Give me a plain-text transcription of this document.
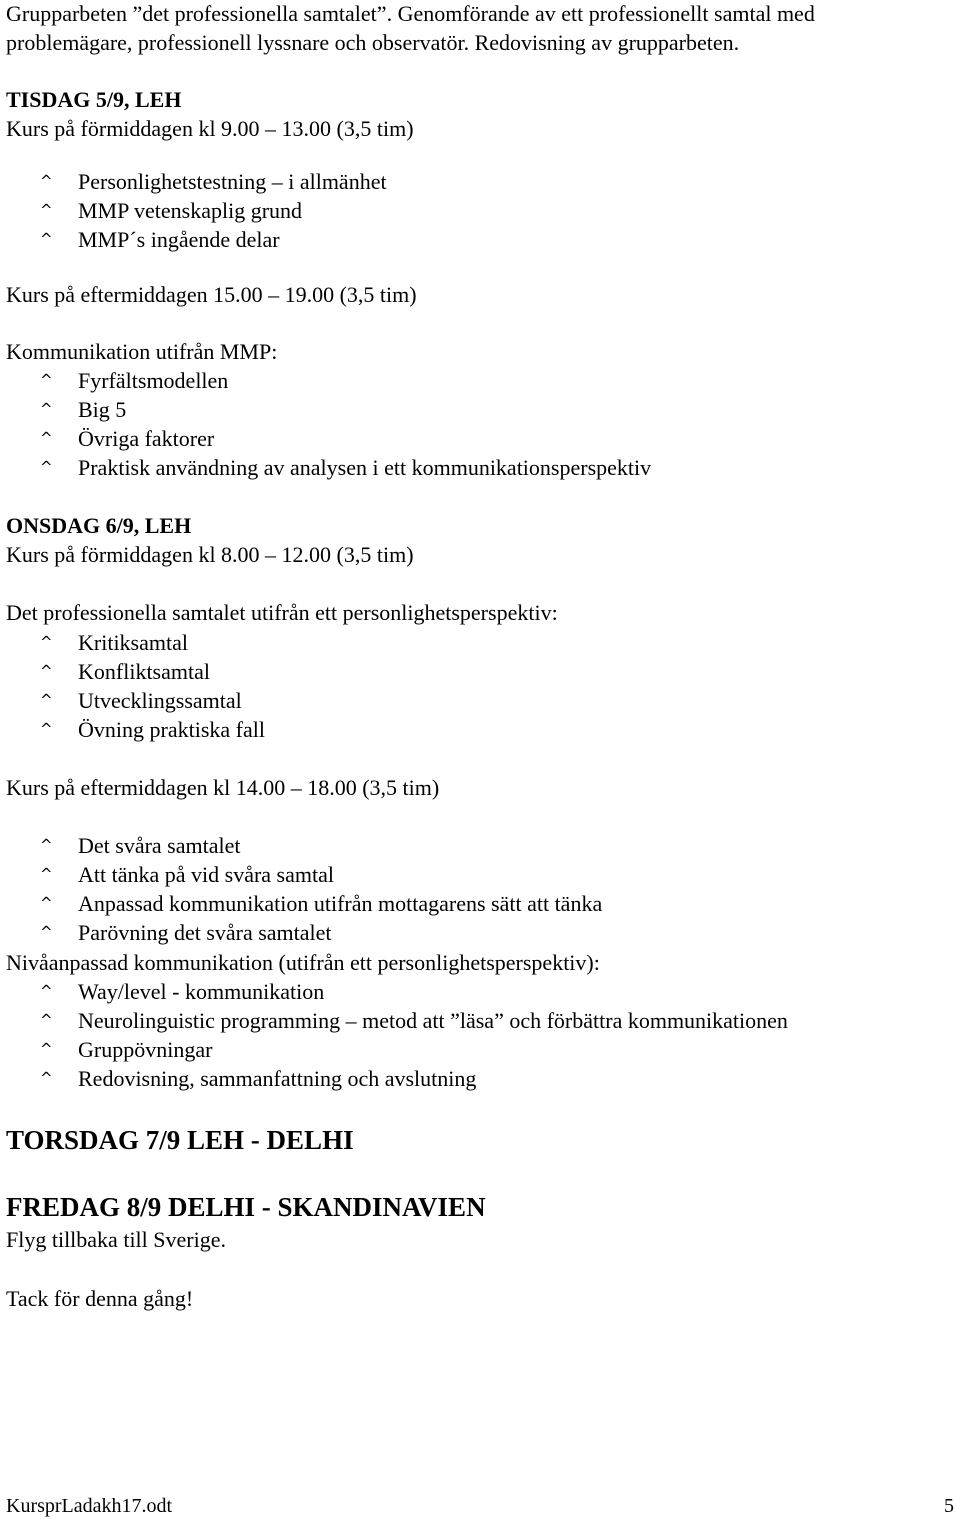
Grupparbeten ”det professionella samtalet”. Genomförande av ett professionellt samtal med
problemägare, professionell lyssnare och observatör. Redovisning av grupparbeten.
TISDAG 5/9, LEH
Kurs på förmiddagen kl 9.00 – 13.00 (3,5 tim)
^ Personlighetstestning – i allmänhet
^ MMP vetenskaplig grund
^ MMP´s ingående delar
Kurs på eftermiddagen 15.00 – 19.00 (3,5 tim)
Kommunikation utifrån MMP:
^ Fyrfältsmodellen
^ Big 5
^ Övriga faktorer
^ Praktisk användning av analysen i ett kommunikationsperspektiv
ONSDAG 6/9, LEH
Kurs på förmiddagen kl 8.00 – 12.00 (3,5 tim)
Det professionella samtalet utifrån ett personlighetsperspektiv:
^ Kritiksamtal
^ Konfliktsamtal
^ Utvecklingssamtal
^ Övning praktiska fall
Kurs på eftermiddagen kl 14.00 – 18.00 (3,5 tim)
^ Det svåra samtalet
^ Att tänka på vid svåra samtal
^ Anpassad kommunikation utifrån mottagarens sätt att tänka
^ Parövning det svåra samtalet
Nivåanpassad kommunikation (utifrån ett personlighetsperspektiv):
^ Way/level - kommunikation
^ Neurolinguistic programming – metod att ”läsa” och förbättra kommunikationen
^ Gruppövningar
^ Redovisning, sammanfattning och avslutning
TORSDAG 7/9 LEH - DELHI
FREDAG 8/9 DELHI - SKANDINAVIEN
Flyg tillbaka till Sverige.
Tack för denna gång!
KursprLadakh17.odt	5
